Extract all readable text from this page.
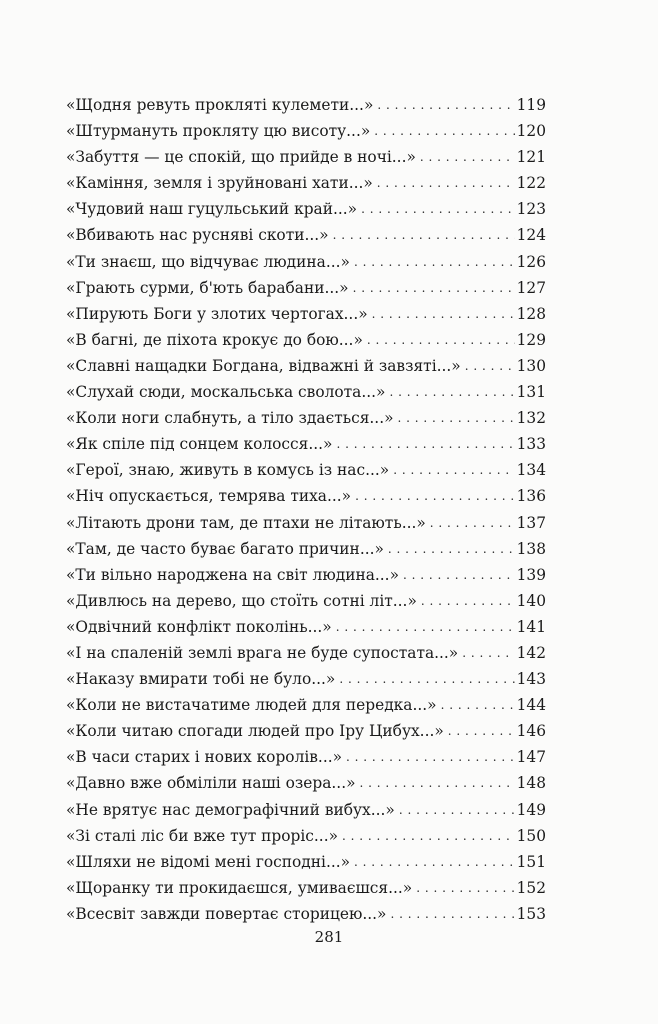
«Щодня ревуть прокляті кулемети...» . . .	119
«Штурмануть прокляту цю висоту...» . . .	120
«Забуття — це спокій, що прийде в ночі...» . . .	121
«Каміння, земля і зруйновані хати...» . . .	122
«Чудовий наш гуцульський край...» . . .	123
«Вбивають нас русняві скоти...» . . .	124
«Ти знаєш, що відчуває людина...» . . .	126
«Грають сурми, б'ють барабани...» . . .	127
«Пирують Боги у злотих чертогах...» . . .	128
«В багні, де піхота крокує до бою...» . . .	129
«Славні нащадки Богдана, відважні й завзяті...» . . .	130
«Слухай сюди, москальська сволота...» . . .	131
«Коли ноги слабнуть, а тіло здається...» . . .	132
«Як спіле під сонцем колосся...» . . .	133
«Герої, знаю, живуть в комусь із нас...» . . .	134
«Ніч опускається, темрява тиха...» . . .	136
«Літають дрони там, де птахи не літають...» . . .	137
«Там, де часто буває багато причин...» . . .	138
«Ти вільно народжена на світ людина...» . . .	139
«Дивлюсь на дерево, що стоїть сотні літ...» . . .	140
«Одвічний конфлікт поколінь...» . . .	141
«І на спаленій землі врага не буде супостата...» . . .	142
«Наказу вмирати тобі не було...» . . .	143
«Коли не вистачатиме людей для передка...» . . .	144
«Коли читаю спогади людей про Іру Цибух...» . . .	146
«В часи старих і нових королів...» . . .	147
«Давно вже обміліли наші озера...» . . .	148
«Не врятує нас демографічний вибух...» . . .	149
«Зі сталі ліс би вже тут проріс...» . . .	150
«Шляхи не відомі мені господні...» . . .	151
«Щоранку ти прокидаєшся, умиваєшся...» . . .	152
«Всесвіт завжди повертає сторицею...» . . .	153
281
